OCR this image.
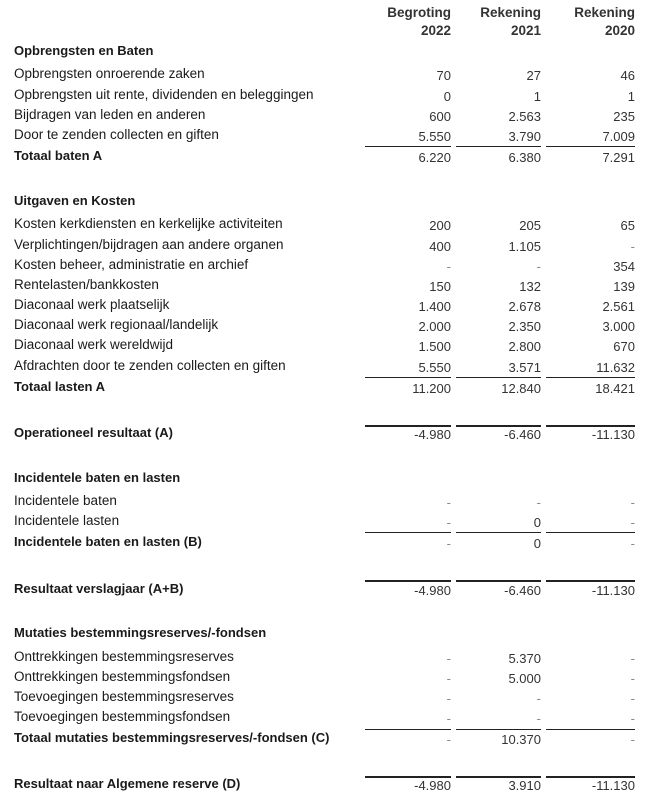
Begroting
2022
Rekening
2021
Rekening
2020
Opbrengsten en Baten
Opbrengsten onroerende zaken	70	27	46
Opbrengsten uit rente, dividenden en beleggingen	0	1	1
Bijdragen van leden en anderen	600	2.563	235
Door te zenden collecten en giften	5.550	3.790	7.009
Totaal baten A	6.220	6.380	7.291
Uitgaven en Kosten
Kosten kerkdiensten en kerkelijke activiteiten	200	205	65
Verplichtingen/bijdragen aan andere organen	400	1.105	-
Kosten beheer, administratie en archief	-	-	354
Rentelasten/bankkosten	150	132	139
Diaconaal werk plaatselijk	1.400	2.678	2.561
Diaconaal werk regionaal/landelijk	2.000	2.350	3.000
Diaconaal werk wereldwijd	1.500	2.800	670
Afdrachten door te zenden collecten en giften	5.550	3.571	11.632
Totaal lasten A	11.200	12.840	18.421
Operationeel resultaat (A)	-4.980	-6.460	-11.130
Incidentele baten en lasten
Incidentele baten	-	-	-
Incidentele lasten	-	0	-
Incidentele baten en lasten (B)	-	0	-
Resultaat verslagjaar (A+B)	-4.980	-6.460	-11.130
Mutaties bestemmingsreserves/-fondsen
Onttrekkingen bestemmingsreserves	-	5.370	-
Onttrekkingen bestemmingsfondsen	-	5.000	-
Toevoegingen bestemmingsreserves	-	-	-
Toevoegingen bestemmingsfondsen	-	-	-
Totaal mutaties bestemmingsreserves/-fondsen (C)	-	10.370	-
Resultaat naar Algemene reserve (D)	-4.980	3.910	-11.130
